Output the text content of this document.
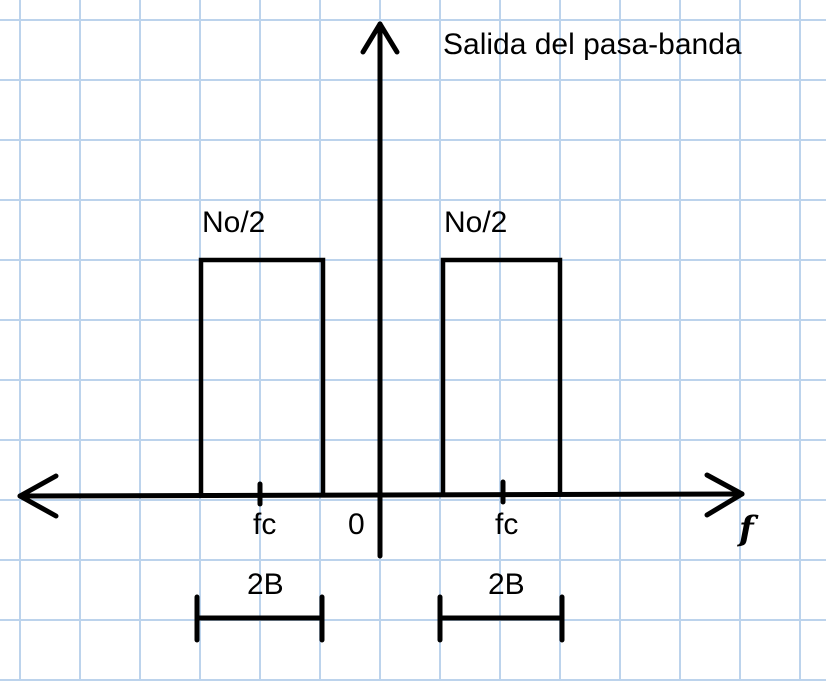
Salida del pasa-banda
No/2	No/2
fc	fc
0	f
2B	2B
